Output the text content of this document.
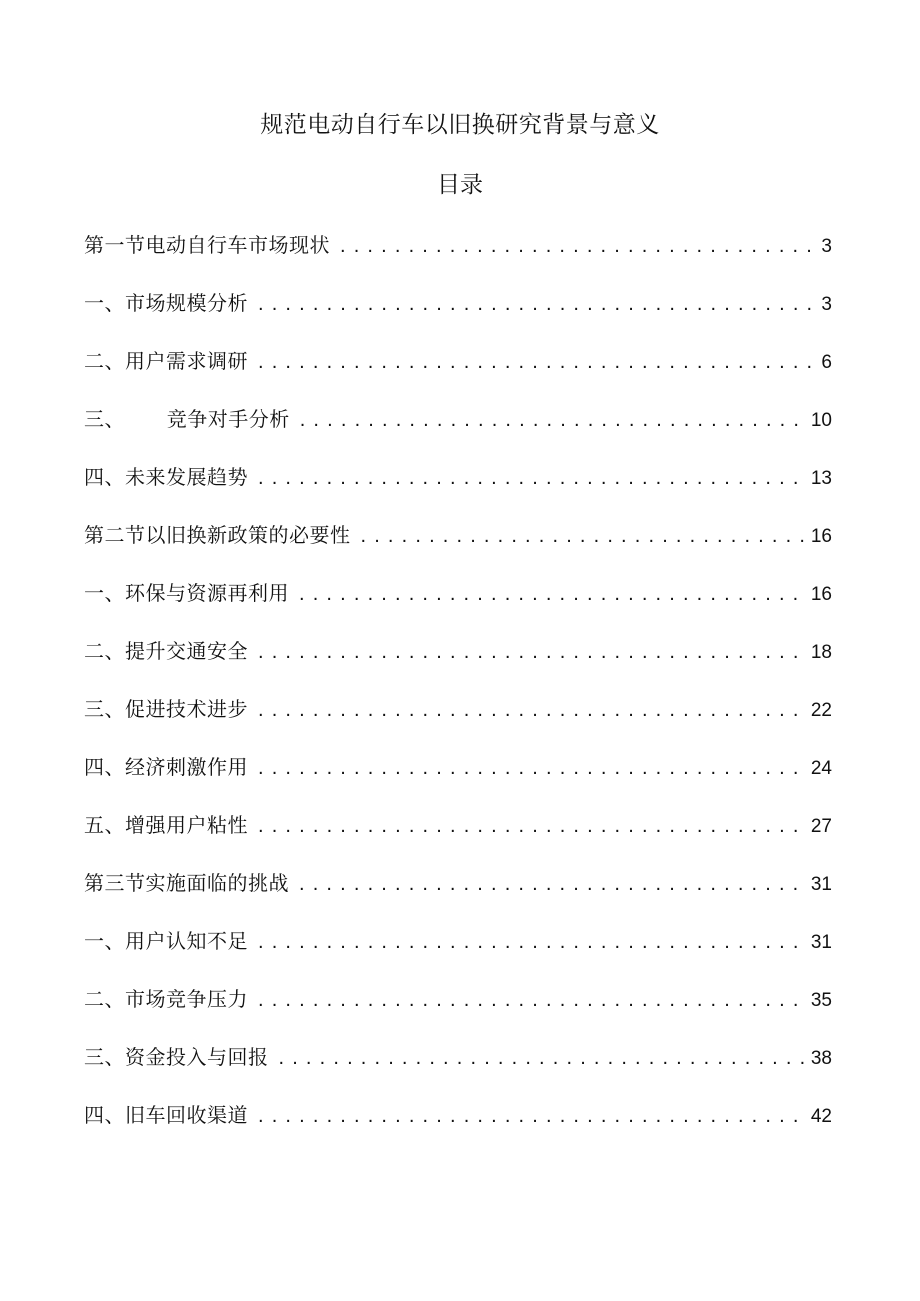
规范电动自行车以旧换研究背景与意义
目录
第一节电动自行车市场现状 . . .	3
一、市场规模分析 . . .	3
二、用户需求调研 . . .	6
三、  竞争对手分析 . . .	10
四、未来发展趋势 . . .	13
第二节以旧换新政策的必要性 . . .	16
一、环保与资源再利用 . . .	16
二、提升交通安全 . . .	18
三、促进技术进步 . . .	22
四、经济刺激作用 . . .	24
五、增强用户粘性 . . .	27
第三节实施面临的挑战 . . .	31
一、用户认知不足 . . .	31
二、市场竞争压力 . . .	35
三、资金投入与回报 . . .	38
四、旧车回收渠道 . . .	42
